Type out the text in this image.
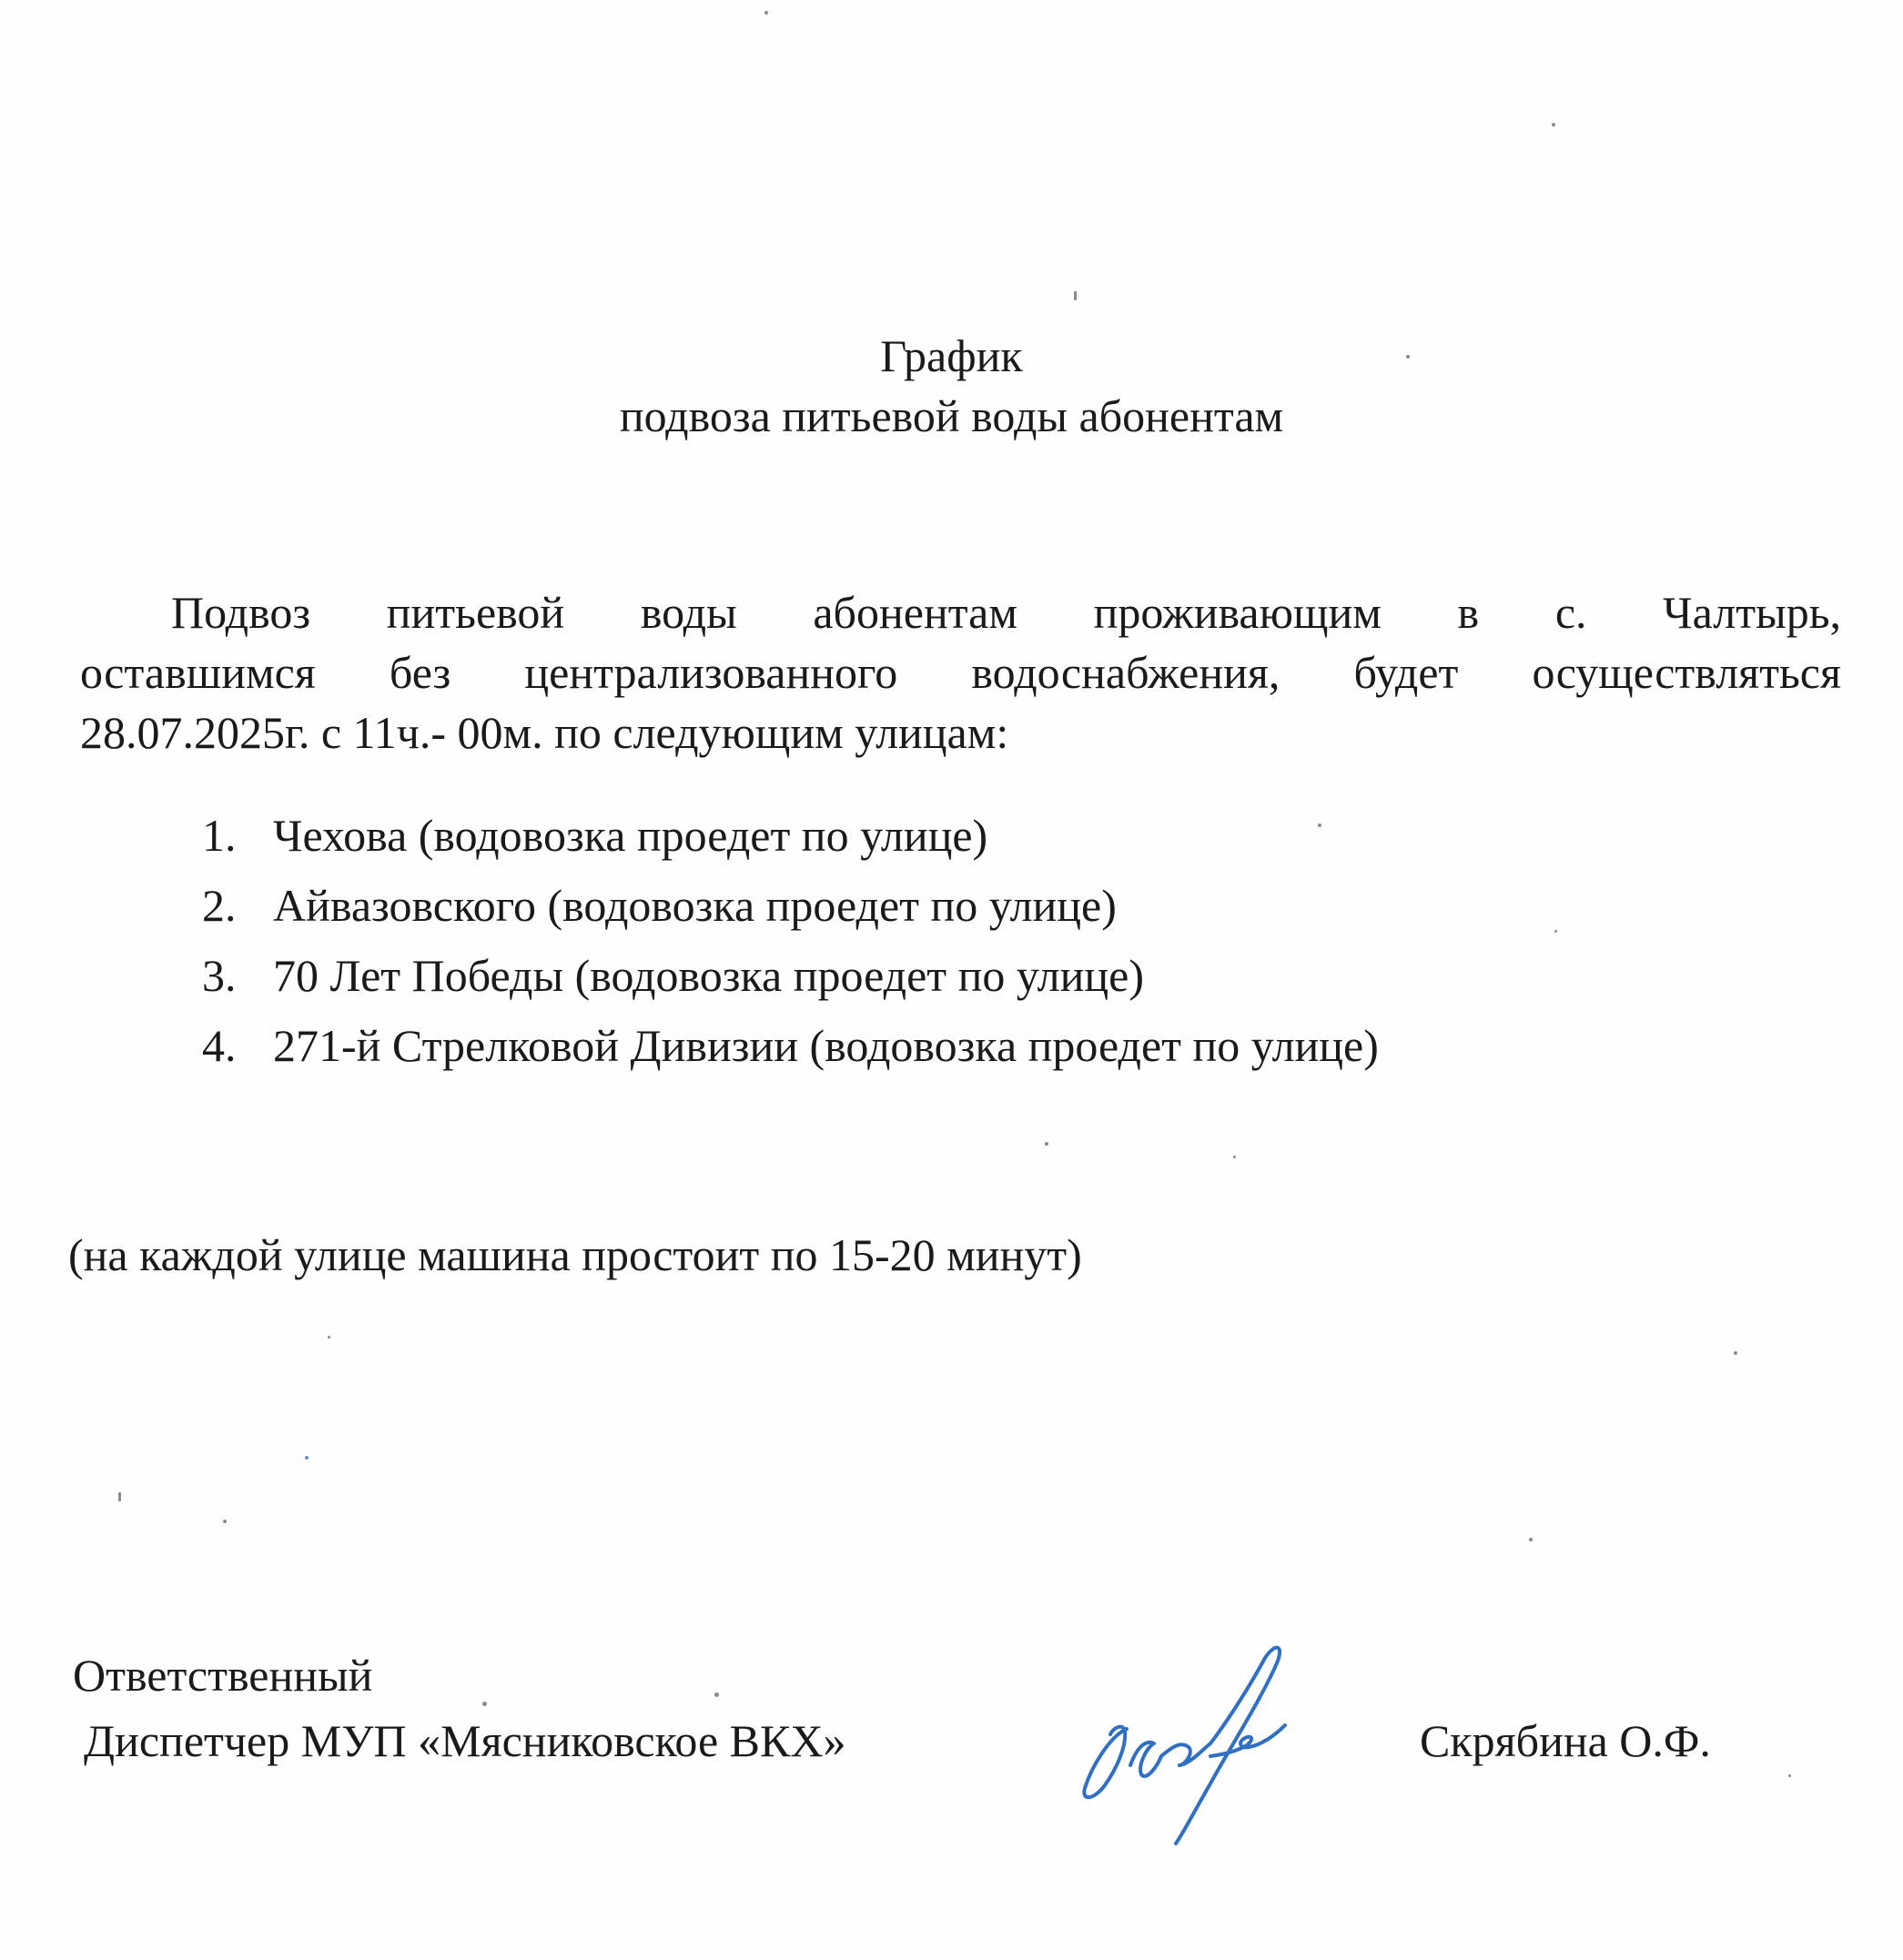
График
подвоза питьевой воды абонентам

Подвоз питьевой воды абонентам проживающим в с. Чалтырь,
оставшимся без централизованного водоснабжения, будет осуществляться
28.07.2025г. с 11ч.- 00м. по следующим улицам:

1. Чехова (водовозка проедет по улице)
2. Айвазовского (водовозка проедет по улице)
3. 70 Лет Победы (водовозка проедет по улице)
4. 271-й Стрелковой Дивизии (водовозка проедет по улице)

(на каждой улице машина простоит по 15-20 минут)

Ответственный

Диспетчер МУП «Мясниковское ВКХ»	Скрябина О.Ф.
